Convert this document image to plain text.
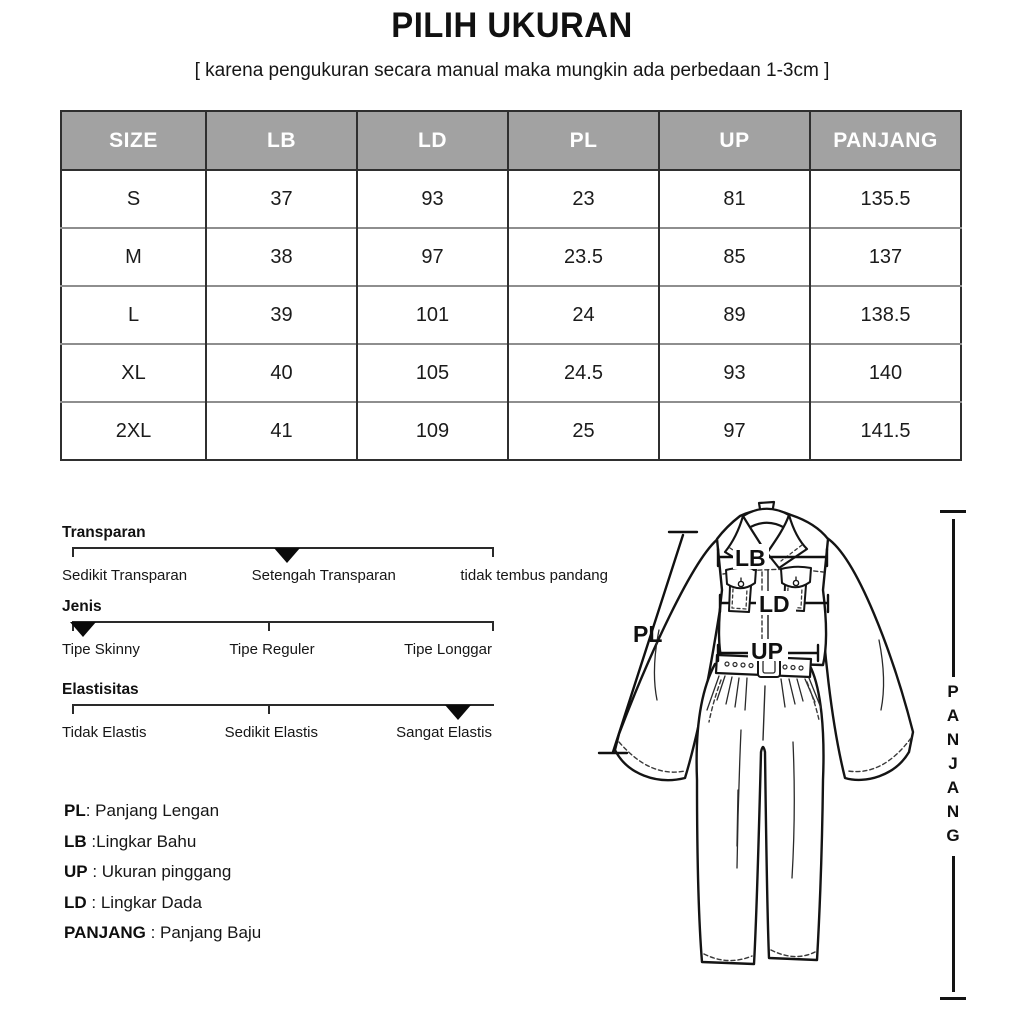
PILIH UKURAN
[ karena pengukuran secara manual maka mungkin ada perbedaan 1-3cm ]
SIZE	LB	LD	PL	UP	PANJANG
S	37	93	23	81	135.5
M	38	97	23.5	85	137
L	39	101	24	89	138.5
XL	40	105	24.5	93	140
2XL	41	109	25	97	141.5
Transparan
Sedikit Transparan	Setengah Transparan	tidak tembus pandang
Jenis
Tipe Skinny	Tipe Reguler	Tipe Longgar
Elastisitas
Tidak Elastis	Sedikit Elastis	Sangat Elastis
PL: Panjang Lengan
LB :Lingkar Bahu
UP : Ukuran pinggang
LD : Lingkar Dada
PANJANG : Panjang Baju
LB
LD
UP
PL
PANJANG
